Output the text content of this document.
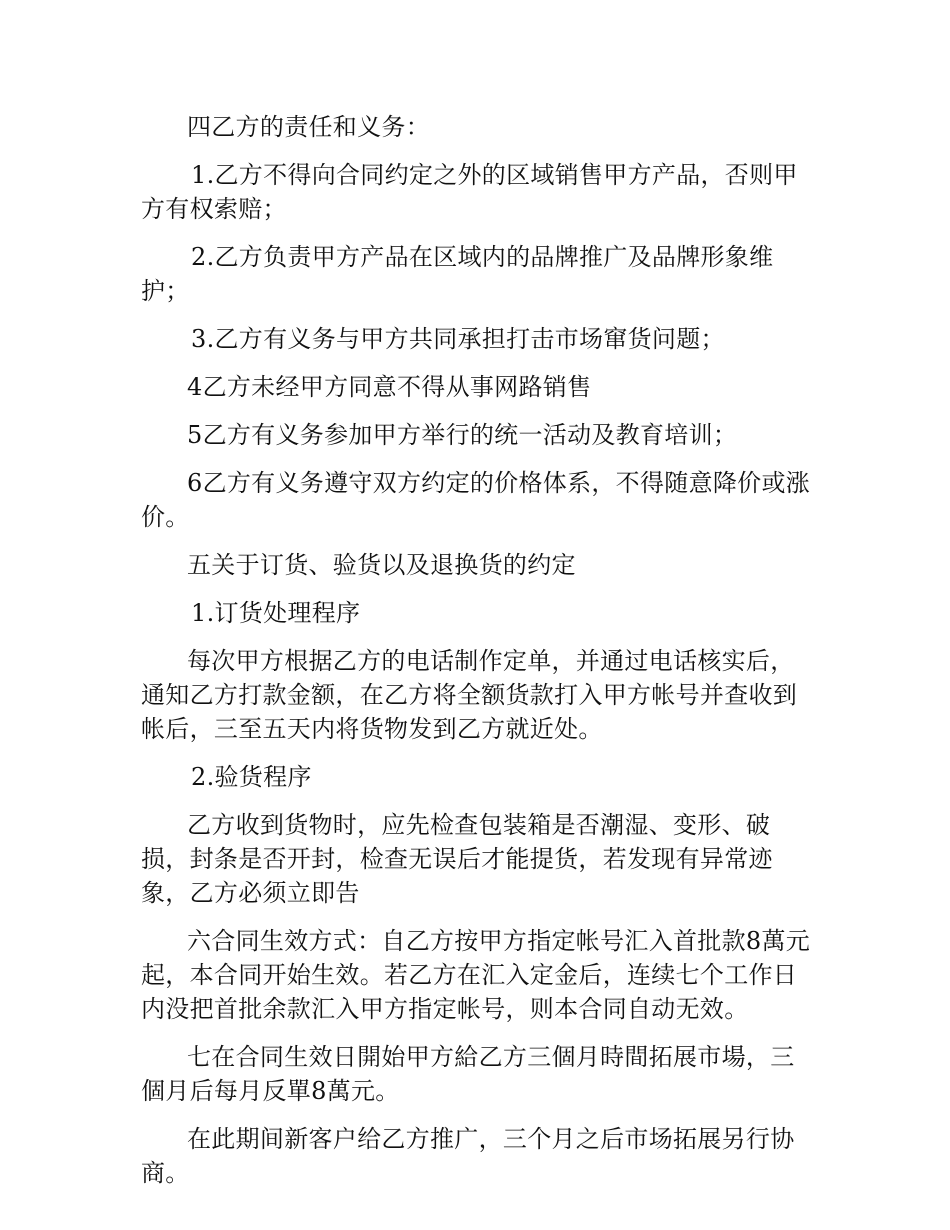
四乙方的责任和义务：

1.乙方不得向合同约定之外的区域销售甲方产品，否则甲方有权索赔；

2.乙方负责甲方产品在区域内的品牌推广及品牌形象维护；

3.乙方有义务与甲方共同承担打击市场窜货问题；

4乙方未经甲方同意不得从事网路销售

5乙方有义务参加甲方举行的统一活动及教育培训；

6乙方有义务遵守双方约定的价格体系，不得随意降价或涨价。

五关于订货、验货以及退换货的约定

1.订货处理程序

每次甲方根据乙方的电话制作定单，并通过电话核实后，通知乙方打款金额，在乙方将全额货款打入甲方帐号并查收到帐后，三至五天内将货物发到乙方就近处。

2.验货程序

乙方收到货物时，应先检查包装箱是否潮湿、变形、破损，封条是否开封，检查无误后才能提货，若发现有异常迹象，乙方必须立即告

六合同生效方式：自乙方按甲方指定帐号汇入首批款8萬元起，本合同开始生效。若乙方在汇入定金后，连续七个工作日内没把首批余款汇入甲方指定帐号，则本合同自动无效。

七在合同生效日開始甲方給乙方三個月時間拓展市場，三個月后每月反單8萬元。

在此期间新客户给乙方推广，三个月之后市场拓展另行协商。
